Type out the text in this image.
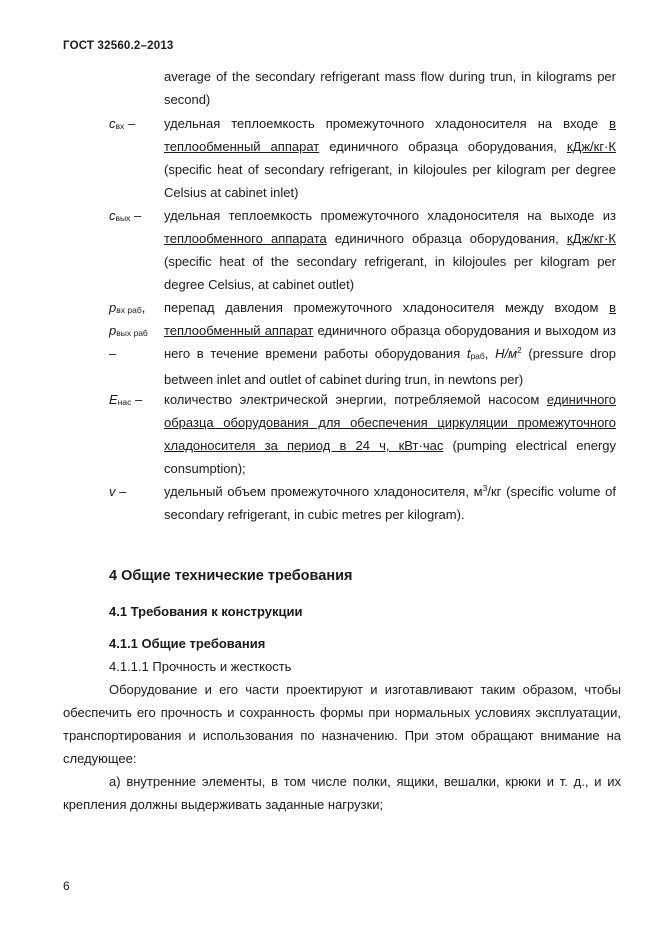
ГОСТ 32560.2–2013
average of the secondary refrigerant mass flow during trun, in kilograms per second)
$c_{вх}$ – удельная теплоемкость промежуточного хладоносителя на входе в теплообменный аппарат единичного образца оборудования, кДж/кг·К (specific heat of secondary refrigerant, in kilojoules per kilogram per degree Celsius at cabinet inlet)
$c_{вых}$ – удельная теплоемкость промежуточного хладоносителя на выходе из теплообменного аппарата единичного образца оборудования, кДж/кг·К (specific heat of the secondary refrigerant, in kilojoules per kilogram per degree Celsius, at cabinet outlet)
$p_{вх раб}$,
$p_{вых раб}$
–
перепад давления промежуточного хладоносителя между входом в теплообменный аппарат единичного образца оборудования и выходом из него в течение времени работы оборудования $t_{раб}$, $Н/м^2$ (pressure drop between inlet and outlet of cabinet during trun, in newtons per)
$E_{нас}$ – количество электрической энергии, потребляемой насосом единичного образца оборудования для обеспечения циркуляции промежуточного хладоносителя за период в 24 ч, кВт·час (pumping electrical energy consumption);
v –	удельный объем промежуточного хладоносителя, $м^3/кг$ (specific volume of secondary refrigerant, in cubic metres per kilogram).
4 Общие технические требования
4.1 Требования к конструкции
4.1.1 Общие требования
4.1.1.1 Прочность и жесткость
Оборудование и его части проектируют и изготавливают таким образом, чтобы обеспечить его прочность и сохранность формы при нормальных условиях эксплуатации, транспортирования и использования по назначению. При этом обращают внимание на следующее:
а) внутренние элементы, в том числе полки, ящики, вешалки, крюки и т. д., и их крепления должны выдерживать заданные нагрузки;
6
